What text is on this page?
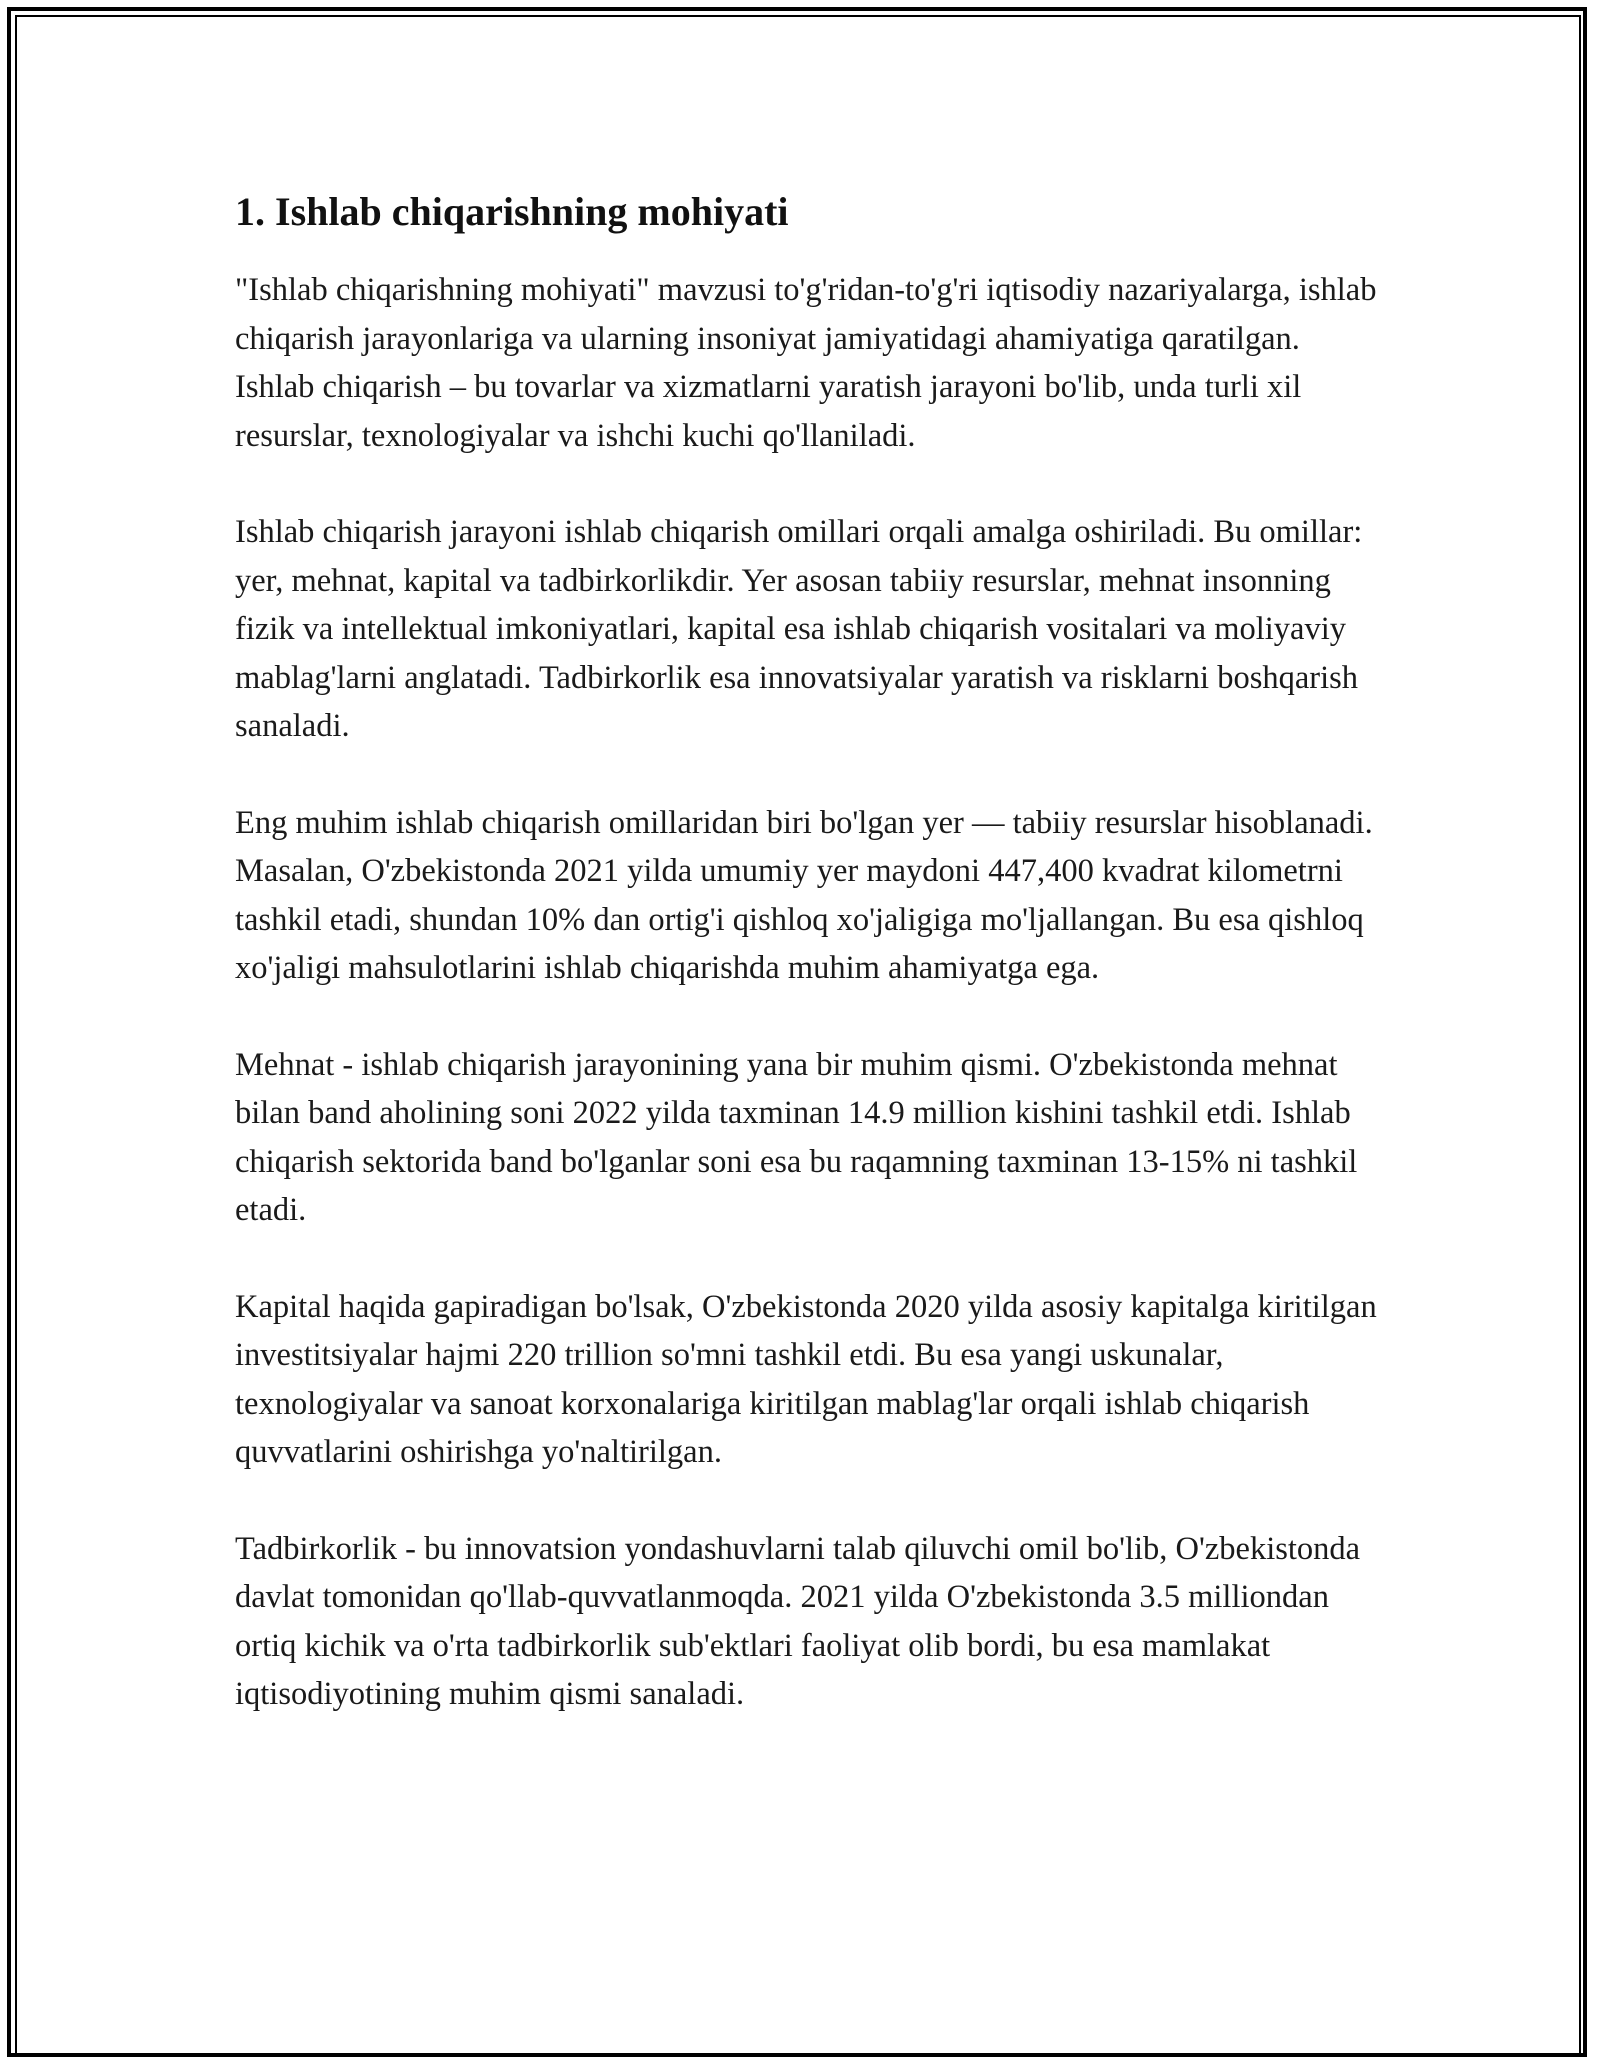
1. Ishlab chiqarishning mohiyati

"Ishlab chiqarishning mohiyati" mavzusi to'g'ridan-to'g'ri iqtisodiy nazariyalarga, ishlab chiqarish jarayonlariga va ularning insoniyat jamiyatidagi ahamiyatiga qaratilgan. Ishlab chiqarish – bu tovarlar va xizmatlarni yaratish jarayoni bo'lib, unda turli xil resurslar, texnologiyalar va ishchi kuchi qo'llaniladi.

Ishlab chiqarish jarayoni ishlab chiqarish omillari orqali amalga oshiriladi. Bu omillar: yer, mehnat, kapital va tadbirkorlikdir. Yer asosan tabiiy resurslar, mehnat insonning fizik va intellektual imkoniyatlari, kapital esa ishlab chiqarish vositalari va moliyaviy mablag'larni anglatadi. Tadbirkorlik esa innovatsiyalar yaratish va risklarni boshqarish sanaladi.

Eng muhim ishlab chiqarish omillaridan biri bo'lgan yer — tabiiy resurslar hisoblanadi. Masalan, O'zbekistonda 2021 yilda umumiy yer maydoni 447,400 kvadrat kilometrni tashkil etadi, shundan 10% dan ortig'i qishloq xo'jaligiga mo'ljallangan. Bu esa qishloq xo'jaligi mahsulotlarini ishlab chiqarishda muhim ahamiyatga ega.

Mehnat - ishlab chiqarish jarayonining yana bir muhim qismi. O'zbekistonda mehnat bilan band aholining soni 2022 yilda taxminan 14.9 million kishini tashkil etdi. Ishlab chiqarish sektorida band bo'lganlar soni esa bu raqamning taxminan 13-15% ni tashkil etadi.

Kapital haqida gapiradigan bo'lsak, O'zbekistonda 2020 yilda asosiy kapitalga kiritilgan investitsiyalar hajmi 220 trillion so'mni tashkil etdi. Bu esa yangi uskunalar, texnologiyalar va sanoat korxonalariga kiritilgan mablag'lar orqali ishlab chiqarish quvvatlarini oshirishga yo'naltirilgan.

Tadbirkorlik - bu innovatsion yondashuvlarni talab qiluvchi omil bo'lib, O'zbekistonda davlat tomonidan qo'llab-quvvatlanmoqda. 2021 yilda O'zbekistonda 3.5 milliondan ortiq kichik va o'rta tadbirkorlik sub'ektlari faoliyat olib bordi, bu esa mamlakat iqtisodiyotining muhim qismi sanaladi.
